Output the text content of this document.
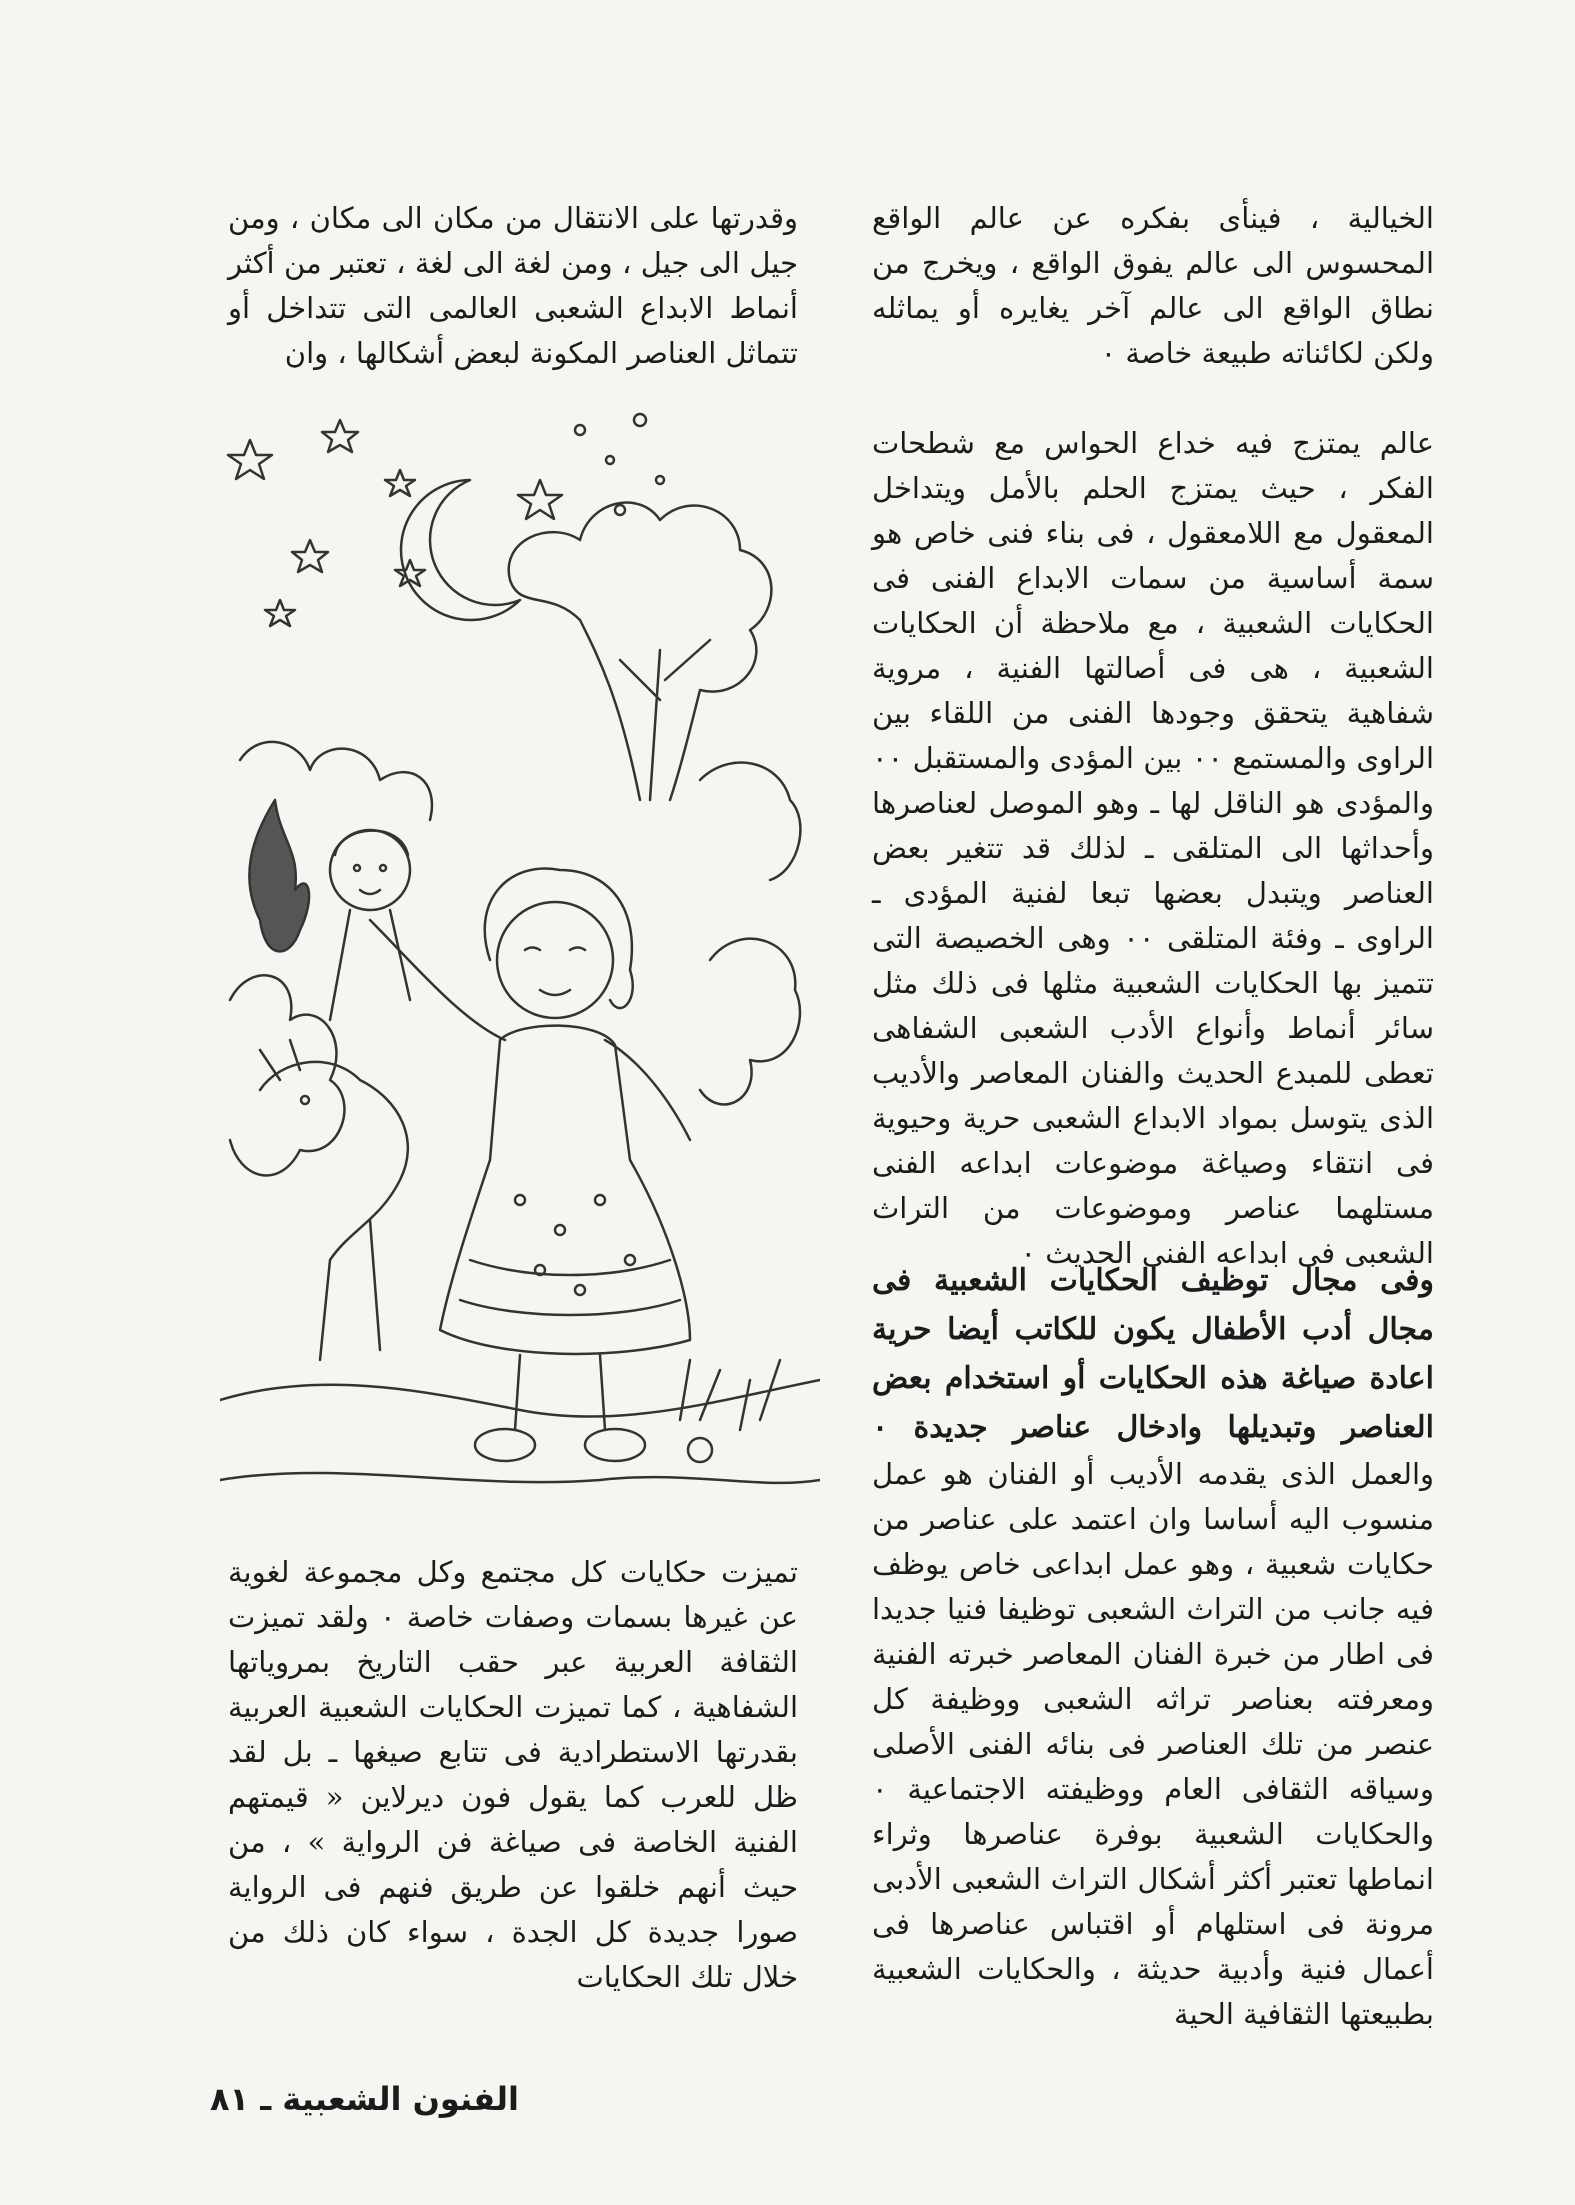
الخيالية ، فينأى بفكره عن عالم الواقع المحسوس الى عالم يفوق الواقع ، ويخرج من نطاق الواقع الى عالم آخر يغايره أو يماثله ولكن لكائناته طبيعة خاصة ٠

عالم يمتزج فيه خداع الحواس مع شطحات الفكر ، حيث يمتزج الحلم بالأمل ويتداخل المعقول مع اللامعقول ، فى بناء فنى خاص هو سمة أساسية من سمات الابداع الفنى فى الحكايات الشعبية ، مع ملاحظة أن الحكايات الشعبية ، هى فى أصالتها الفنية ، مروية شفاهية يتحقق وجودها الفنى من اللقاء بين الراوى والمستمع ٠٠ بين المؤدى والمستقبل ٠٠ والمؤدى هو الناقل لها ـ وهو الموصل لعناصرها وأحداثها الى المتلقى ـ لذلك قد تتغير بعض العناصر ويتبدل بعضها تبعا لفنية المؤدى ـ الراوى ـ وفئة المتلقى ٠٠ وهى الخصيصة التى تتميز بها الحكايات الشعبية مثلها فى ذلك مثل سائر أنماط وأنواع الأدب الشعبى الشفاهى تعطى للمبدع الحديث والفنان المعاصر والأديب الذى يتوسل بمواد الابداع الشعبى حرية وحيوية فى انتقاء وصياغة موضوعات ابداعه الفنى مستلهما عناصر وموضوعات من التراث الشعبى فى ابداعه الفنى الحديث ٠

وفى مجال توظيف الحكايات الشعبية فى مجال أدب الأطفال يكون للكاتب أيضا حرية اعادة صياغة هذه الحكايات أو استخدام بعض العناصر وتبديلها وادخال عناصر جديدة ٠ والعمل الذى يقدمه الأديب أو الفنان هو عمل منسوب اليه أساسا وان اعتمد على عناصر من حكايات شعبية ، وهو عمل ابداعى خاص يوظف فيه جانب من التراث الشعبى توظيفا فنيا جديدا فى اطار من خبرة الفنان المعاصر خبرته الفنية ومعرفته بعناصر تراثه الشعبى ووظيفة كل عنصر من تلك العناصر فى بنائه الفنى الأصلى وسياقه الثقافى العام ووظيفته الاجتماعية ٠ والحكايات الشعبية بوفرة عناصرها وثراء انماطها تعتبر أكثر أشكال التراث الشعبى الأدبى مرونة فى استلهام أو اقتباس عناصرها فى أعمال فنية وأدبية حديثة ، والحكايات الشعبية بطبيعتها الثقافية الحية

وقدرتها على الانتقال من مكان الى مكان ، ومن جيل الى جيل ، ومن لغة الى لغة ، تعتبر من أكثر أنماط الابداع الشعبى العالمى التى تتداخل أو تتماثل العناصر المكونة لبعض أشكالها ، وان

تميزت حكايات كل مجتمع وكل مجموعة لغوية عن غيرها بسمات وصفات خاصة ٠ ولقد تميزت الثقافة العربية عبر حقب التاريخ بمروياتها الشفاهية ، كما تميزت الحكايات الشعبية العربية بقدرتها الاستطرادية فى تتابع صيغها ـ بل لقد ظل للعرب كما يقول فون ديرلاين « قيمتهم الفنية الخاصة فى صياغة فن الرواية » ، من حيث أنهم خلقوا عن طريق فنهم فى الرواية صورا جديدة كل الجدة ، سواء كان ذلك من خلال تلك الحكايات

الفنون الشعبية ـ ٨١
